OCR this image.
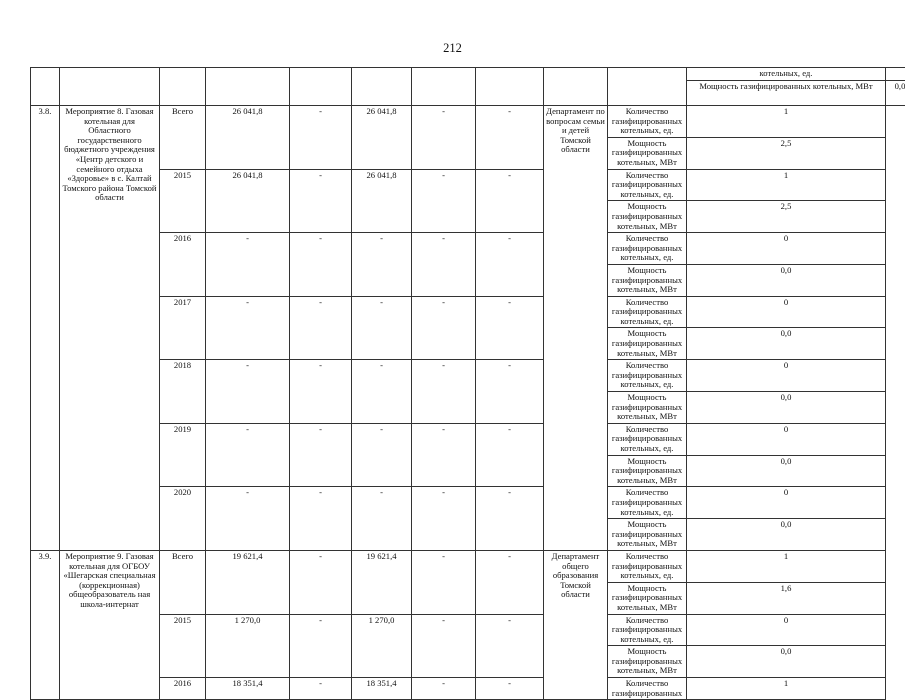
212
										котельных, ед.	
										Мощность газифицированных котельных, МВт	0,0
3.8.	Мероприятие 8. Газовая котельная для Областного государственного бюджетного учреждения «Центр детского и семейного отдыха «Здоровье» в с. Калтай Томского района Томской области	Всего	26 041,8	-	26 041,8	-	-	Департамент по вопросам семьи и детей Томской области	Количество газифицированных котельных, ед.	1	
									Мощность газифицированных котельных, МВт	2,5	
		2015	26 041,8	-	26 041,8	-	-		Количество газифицированных котельных, ед.	1	
									Мощность газифицированных котельных, МВт	2,5	
		2016	-	-	-	-	-		Количество газифицированных котельных, ед.	0	
									Мощность газифицированных котельных, МВт	0,0	
		2017	-	-	-	-	-		Количество газифицированных котельных, ед.	0	
									Мощность газифицированных котельных, МВт	0,0	
		2018	-	-	-	-	-		Количество газифицированных котельных, ед.	0	
									Мощность газифицированных котельных, МВт	0,0	
		2019	-	-	-	-	-		Количество газифицированных котельных, ед.	0	
									Мощность газифицированных котельных, МВт	0,0	
		2020	-	-	-	-	-		Количество газифицированных котельных, ед.	0	
									Мощность газифицированных котельных, МВт	0,0	
3.9.	Мероприятие 9. Газовая котельная для ОГБОУ «Шегарская специальная (коррекционная) общеобразователь ная школа-интернат	Всего	19 621,4	-	19 621,4	-	-	Департамент общего образования Томской области	Количество газифицированных котельных, ед.	1	
									Мощность газифицированных котельных, МВт	1,6	
		2015	1 270,0	-	1 270,0	-	-		Количество газифицированных котельных, ед.	0	
									Мощность газифицированных котельных, МВт	0,0	
		2016	18 351,4	-	18 351,4	-	-		Количество газифицированных	1	
